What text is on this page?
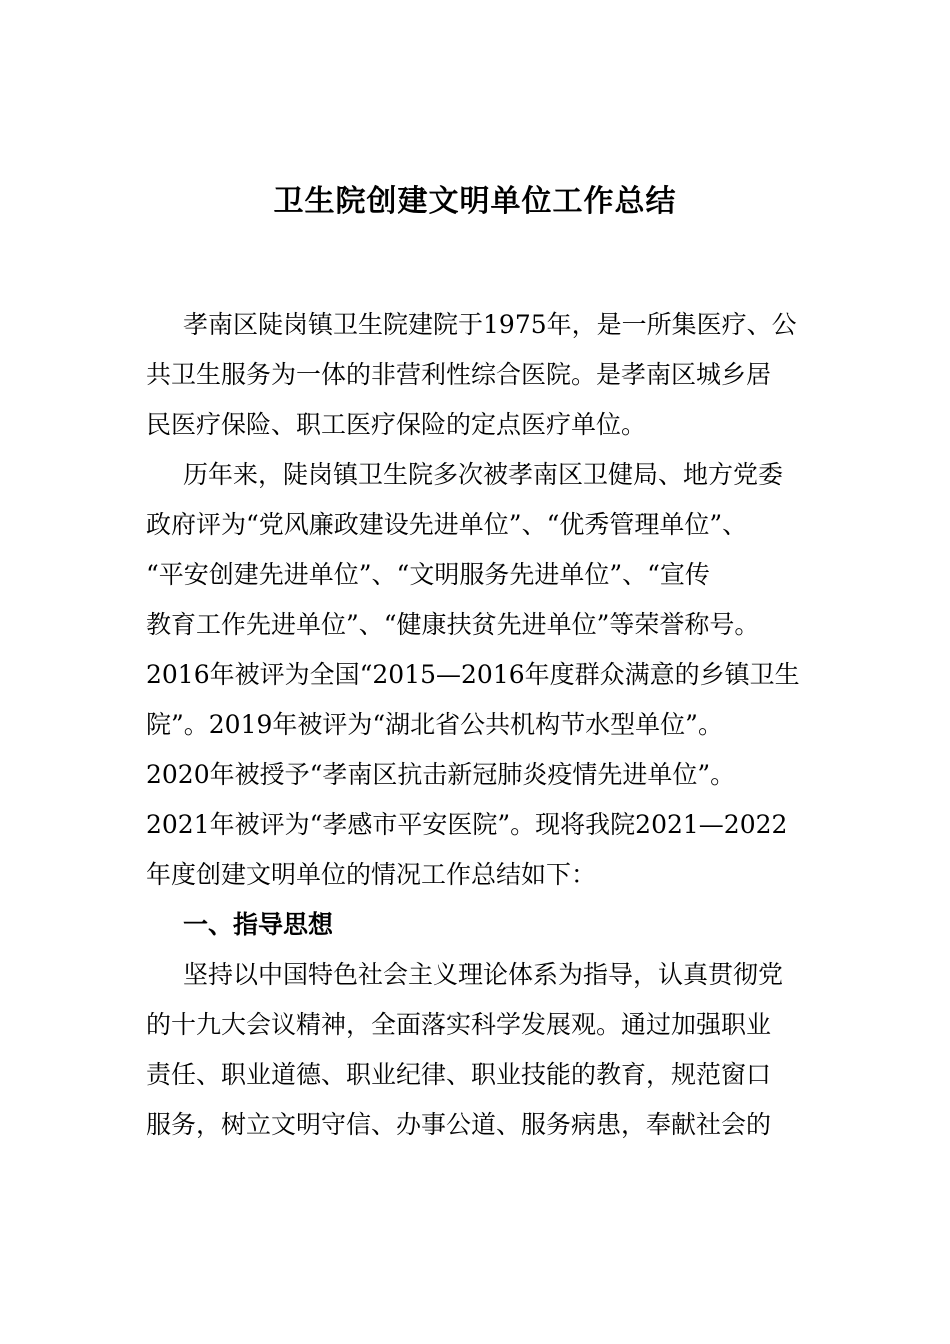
卫生院创建文明单位工作总结

孝南区陡岗镇卫生院建院于1975年，是一所集医疗、公

共卫生服务为一体的非营利性综合医院。是孝南区城乡居

民医疗保险、职工医疗保险的定点医疗单位。

历年来，陡岗镇卫生院多次被孝南区卫健局、地方党委

政府评为“党风廉政建设先进单位”、“优秀管理单位”、

“平安创建先进单位”、“文明服务先进单位”、“宣传

教育工作先进单位”、“健康扶贫先进单位”等荣誉称号。

2016年被评为全国“2015—2016年度群众满意的乡镇卫生

院”。2019年被评为“湖北省公共机构节水型单位”。

2020年被授予“孝南区抗击新冠肺炎疫情先进单位”。

2021年被评为“孝感市平安医院”。现将我院2021—2022

年度创建文明单位的情况工作总结如下：

一、指导思想

坚持以中国特色社会主义理论体系为指导，认真贯彻党

的十九大会议精神，全面落实科学发展观。通过加强职业

责任、职业道德、职业纪律、职业技能的教育，规范窗口

服务，树立文明守信、办事公道、服务病患，奉献社会的
